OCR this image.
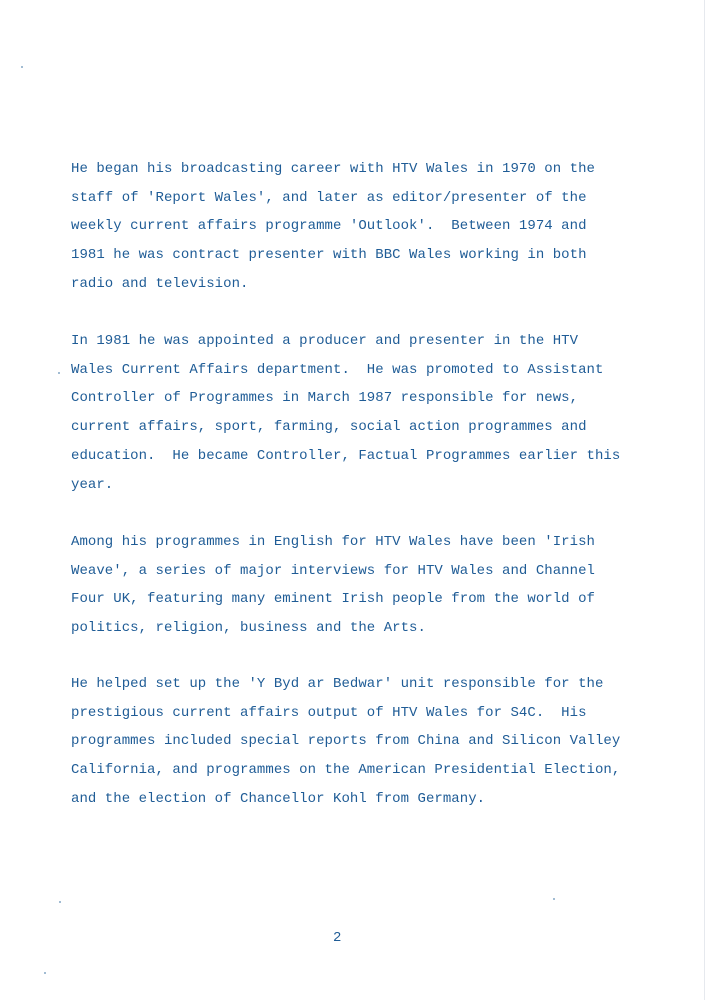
He began his broadcasting career with HTV Wales in 1970 on the
staff of 'Report Wales', and later as editor/presenter of the
weekly current affairs programme 'Outlook'.  Between 1974 and
1981 he was contract presenter with BBC Wales working in both
radio and television.
In 1981 he was appointed a producer and presenter in the HTV
Wales Current Affairs department.  He was promoted to Assistant
Controller of Programmes in March 1987 responsible for news,
current affairs, sport, farming, social action programmes and
education.  He became Controller, Factual Programmes earlier this
year.
Among his programmes in English for HTV Wales have been 'Irish
Weave', a series of major interviews for HTV Wales and Channel
Four UK, featuring many eminent Irish people from the world of
politics, religion, business and the Arts.
He helped set up the 'Y Byd ar Bedwar' unit responsible for the
prestigious current affairs output of HTV Wales for S4C.  His
programmes included special reports from China and Silicon Valley
California, and programmes on the American Presidential Election,
and the election of Chancellor Kohl from Germany.
2
